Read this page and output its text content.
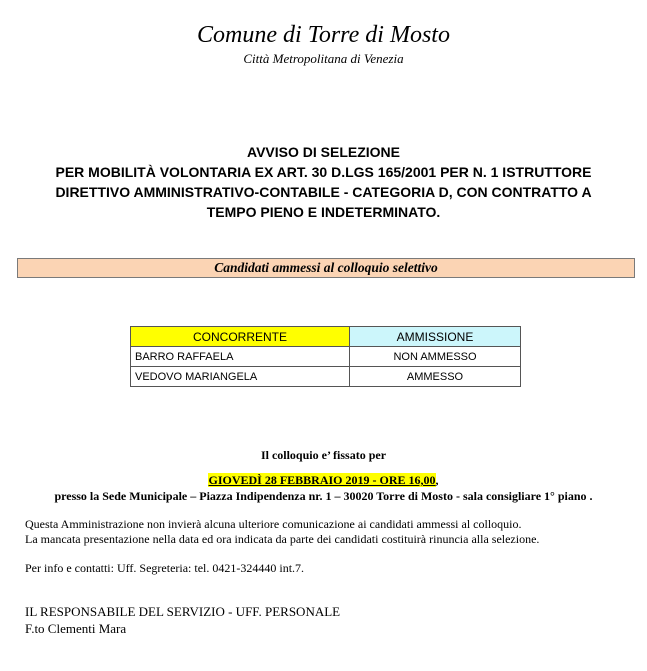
Comune di Torre di Mosto
Città Metropolitana di Venezia
AVVISO DI SELEZIONE
PER MOBILITÀ VOLONTARIA EX ART. 30 D.LGS 165/2001 PER N. 1 ISTRUTTORE
DIRETTIVO AMMINISTRATIVO-CONTABILE - CATEGORIA D, CON CONTRATTO A
TEMPO PIENO E INDETERMINATO.
Candidati ammessi al colloquio selettivo
CONCORRENTE	AMMISSIONE
BARRO RAFFAELA	NON AMMESSO
VEDOVO MARIANGELA	AMMESSO
Il colloquio e’ fissato per
GIOVEDÌ 28 FEBBRAIO 2019 - ORE 16,00,
presso la Sede Municipale – Piazza Indipendenza nr. 1 – 30020 Torre di Mosto - sala consigliare 1° piano .
Questa Amministrazione non invierà alcuna ulteriore comunicazione ai candidati ammessi al colloquio.
La mancata presentazione nella data ed ora indicata da parte dei candidati costituirà rinuncia alla selezione.
Per info e contatti: Uff. Segreteria: tel. 0421-324440 int.7.
IL RESPONSABILE DEL SERVIZIO - UFF. PERSONALE
F.to Clementi Mara
